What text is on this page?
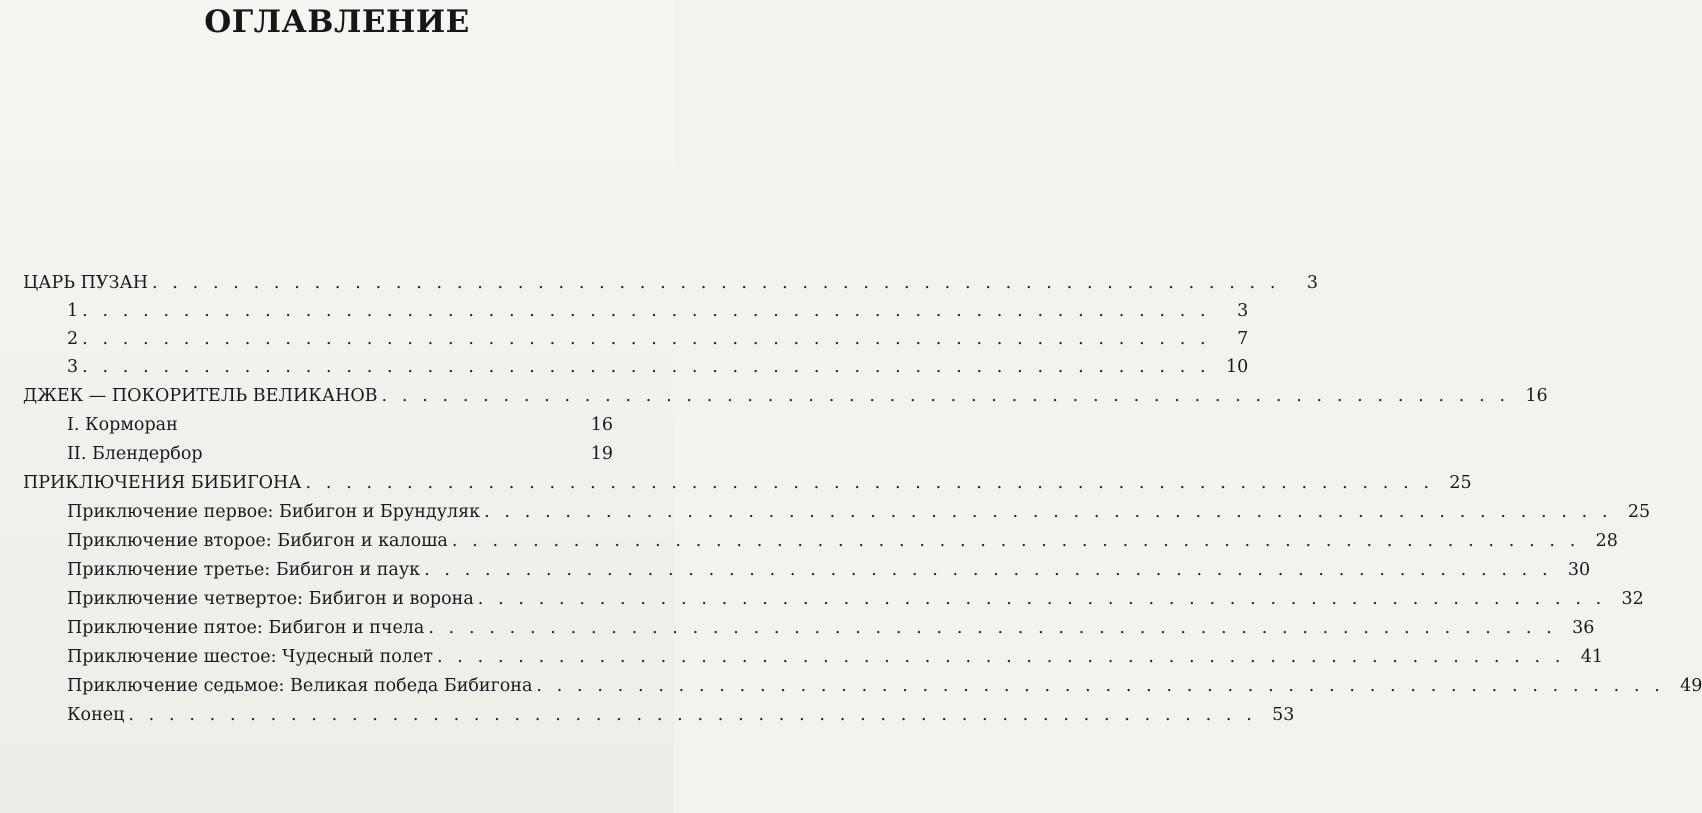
ОГЛАВЛЕНИЕ
ЦАРЬ ПУЗАН . . . . . . . . . . . . . . . . . . . . . . . . . . . . . . . . . . . . . . . . . . . . . . . . . . . . . . . .	3
1 . . . . . . . . . . . . . . . . . . . . . . . . . . . . . . . . . . . . . . . . . . . . . . . . . . . . . . . .	3
2 . . . . . . . . . . . . . . . . . . . . . . . . . . . . . . . . . . . . . . . . . . . . . . . . . . . . . . . .	7
3 . . . . . . . . . . . . . . . . . . . . . . . . . . . . . . . . . . . . . . . . . . . . . . . . . . . . . . . . 10
ДЖЕК — ПОКОРИТЕЛЬ ВЕЛИКАНОВ . . . . . . . . . . . . . . . . . . . . . . . . . . . . . . . . . . . . . . . . . . . . . . . . . . . . . . . . 16
I. Корморан	16
II. Блендербор	19
ПРИКЛЮЧЕНИЯ БИБИГОНА . . . . . . . . . . . . . . . . . . . . . . . . . . . . . . . . . . . . . . . . . . . . . . . . . . . . . . . . 25
Приключение первое: Бибигон и Брундуляк . . . . . . . . . . . . . . . . . . . . . . . . . . . . . . . . . . . . . . . . . . . . . . . . . . . . . . . . 25
Приключение второе: Бибигон и калоша . . . . . . . . . . . . . . . . . . . . . . . . . . . . . . . . . . . . . . . . . . . . . . . . . . . . . . . . 28
Приключение третье: Бибигон и паук . . . . . . . . . . . . . . . . . . . . . . . . . . . . . . . . . . . . . . . . . . . . . . . . . . . . . . . . 30
Приключение четвертое: Бибигон и ворона . . . . . . . . . . . . . . . . . . . . . . . . . . . . . . . . . . . . . . . . . . . . . . . . . . . . . . . . 32
Приключение пятое: Бибигон и пчела . . . . . . . . . . . . . . . . . . . . . . . . . . . . . . . . . . . . . . . . . . . . . . . . . . . . . . . . 36
Приключение шестое: Чудесный полет . . . . . . . . . . . . . . . . . . . . . . . . . . . . . . . . . . . . . . . . . . . . . . . . . . . . . . . . 41
Приключение седьмое: Великая победа Бибигона . . . . . . . . . . . . . . . . . . . . . . . . . . . . . . . . . . . . . . . . . . . . . . . . . . . . . . . . 49
Конец . . . . . . . . . . . . . . . . . . . . . . . . . . . . . . . . . . . . . . . . . . . . . . . . . . . . . . . . 53
